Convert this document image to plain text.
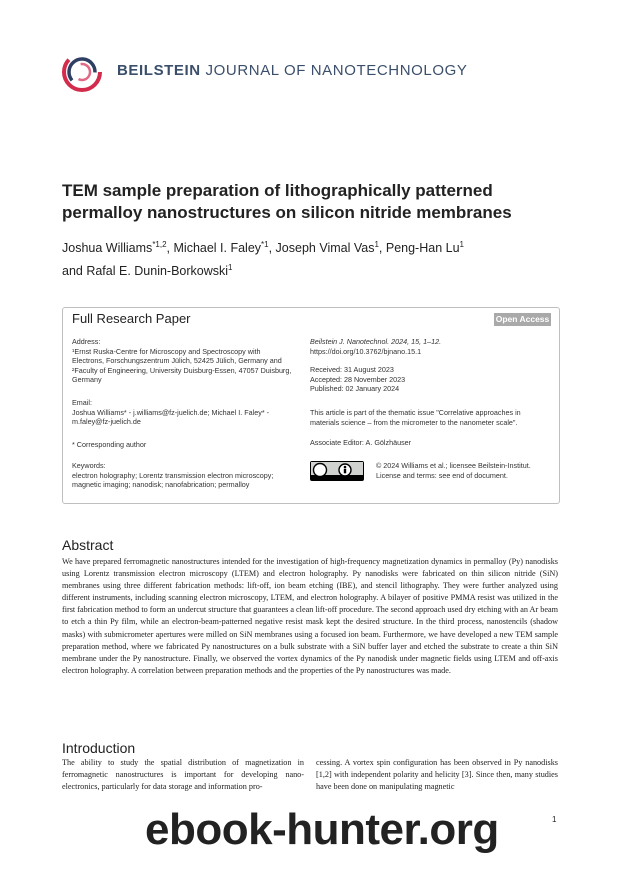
BEILSTEIN JOURNAL OF NANOTECHNOLOGY
TEM sample preparation of lithographically patterned permalloy nanostructures on silicon nitride membranes
Joshua Williams$^{*1,2}$, Michael I. Faley$^{*1}$, Joseph Vimal Vas$^1$, Peng-Han Lu$^1$
and Rafal E. Dunin-Borkowski$^1$
Full Research Paper	Open Access
Address:
¹Ernst Ruska-Centre for Microscopy and Spectroscopy with
Electrons, Forschungszentrum Jülich, 52425 Jülich, Germany and
²Faculty of Engineering, University Duisburg-Essen, 47057 Duisburg,
Germany
Email:
Joshua Williams* - j.williams@fz-juelich.de; Michael I. Faley* -
m.faley@fz-juelich.de
* Corresponding author
Keywords:
electron holography; Lorentz transmission electron microscopy;
magnetic imaging; nanodisk; nanofabrication; permalloy
Beilstein J. Nanotechnol. 2024, 15, 1–12.
https://doi.org/10.3762/bjnano.15.1
Received: 31 August 2023
Accepted: 28 November 2023
Published: 02 January 2024
This article is part of the thematic issue "Correlative approaches in
materials science – from the micrometer to the nanometer scale".
Associate Editor: A. Gölzhäuser
© 2024 Williams et al.; licensee Beilstein-Institut.
License and terms: see end of document.
Abstract
We have prepared ferromagnetic nanostructures intended for the investigation of high-frequency magnetization dynamics in permalloy (Py) nanodisks using Lorentz transmission electron microscopy (LTEM) and electron holography. Py nanodisks were fabricated on thin silicon nitride (SiN) membranes using three different fabrication methods: lift-off, ion beam etching (IBE), and stencil lithography. They were further analyzed using different instruments, including scanning electron microscopy, LTEM, and electron holography. A bilayer of positive PMMA resist was utilized in the first fabrication method to form an undercut structure that guarantees a clean lift-off procedure. The second approach used dry etching with an Ar beam to etch a thin Py film, while an electron-beam-patterned negative resist mask kept the desired structure. In the third process, nanostencils (shadow masks) with submicrometer apertures were milled on SiN membranes using a focused ion beam. Furthermore, we have developed a new TEM sample preparation method, where we fabricated Py nanostructures on a bulk substrate with a SiN buffer layer and etched the substrate to create a thin SiN membrane under the Py nanostructure. Finally, we observed the vortex dynamics of the Py nanodisk under magnetic fields using LTEM and off-axis electron holography. A correlation between preparation methods and the properties of the Py nanostructures was made.
Introduction
The ability to study the spatial distribution of magnetization in ferromagnetic nanostructures is important for developing nano-electronics, particularly for data storage and information pro-
cessing. A vortex spin configuration has been observed in Py nanodisks [1,2] with independent polarity and helicity [3]. Since then, many studies have been done on manipulating magnetic
1
ebook-hunter.org
